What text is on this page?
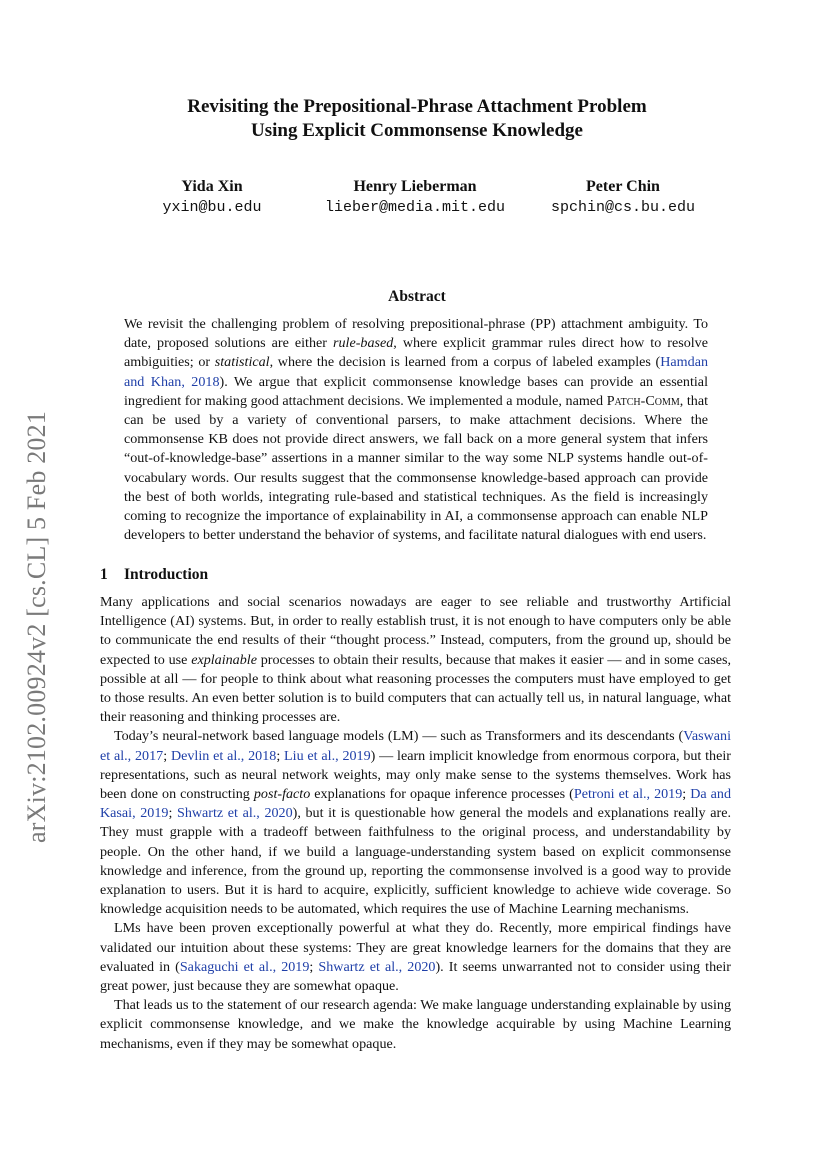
arXiv:2102.00924v2 [cs.CL] 5 Feb 2021
Revisiting the Prepositional-Phrase Attachment Problem
Using Explicit Commonsense Knowledge
Yida Xin
yxin@bu.edu
Henry Lieberman
lieber@media.mit.edu
Peter Chin
spchin@cs.bu.edu
Abstract

We revisit the challenging problem of resolving prepositional-phrase (PP) attachment ambiguity. To date, proposed solutions are either rule-based, where explicit grammar rules direct how to resolve ambiguities; or statistical, where the decision is learned from a corpus of labeled examples (Hamdan and Khan, 2018). We argue that explicit commonsense knowledge bases can provide an essential ingredient for making good attachment decisions. We implemented a module, named Patch-Comm, that can be used by a variety of conventional parsers, to make attachment decisions. Where the commonsense KB does not provide direct answers, we fall back on a more general system that infers “out-of-knowledge-base” assertions in a manner similar to the way some NLP systems handle out-of-vocabulary words. Our results suggest that the commonsense knowledge-based approach can provide the best of both worlds, integrating rule-based and statistical techniques. As the field is increasingly coming to recognize the importance of explainability in AI, a commonsense approach can enable NLP developers to better understand the behavior of systems, and facilitate natural dialogues with end users.

1 Introduction

Many applications and social scenarios nowadays are eager to see reliable and trustworthy Artificial Intelligence (AI) systems. But, in order to really establish trust, it is not enough to have computers only be able to communicate the end results of their “thought process.” Instead, computers, from the ground up, should be expected to use explainable processes to obtain their results, because that makes it easier — and in some cases, possible at all — for people to think about what reasoning processes the computers must have employed to get to those results. An even better solution is to build computers that can actually tell us, in natural language, what their reasoning and thinking processes are.

Today’s neural-network based language models (LM) — such as Transformers and its descendants (Vaswani et al., 2017; Devlin et al., 2018; Liu et al., 2019) — learn implicit knowledge from enormous corpora, but their representations, such as neural network weights, may only make sense to the systems themselves. Work has been done on constructing post-facto explanations for opaque inference processes (Petroni et al., 2019; Da and Kasai, 2019; Shwartz et al., 2020), but it is questionable how general the models and explanations really are. They must grapple with a tradeoff between faithfulness to the original process, and understandability by people. On the other hand, if we build a language-understanding system based on explicit commonsense knowledge and inference, from the ground up, reporting the commonsense involved is a good way to provide explanation to users. But it is hard to acquire, explicitly, sufficient knowledge to achieve wide coverage. So knowledge acquisition needs to be automated, which requires the use of Machine Learning mechanisms.

LMs have been proven exceptionally powerful at what they do. Recently, more empirical findings have validated our intuition about these systems: They are great knowledge learners for the domains that they are evaluated in (Sakaguchi et al., 2019; Shwartz et al., 2020). It seems unwarranted not to consider using their great power, just because they are somewhat opaque.

That leads us to the statement of our research agenda: We make language understanding explainable by using explicit commonsense knowledge, and we make the knowledge acquirable by using Machine Learning mechanisms, even if they may be somewhat opaque.
